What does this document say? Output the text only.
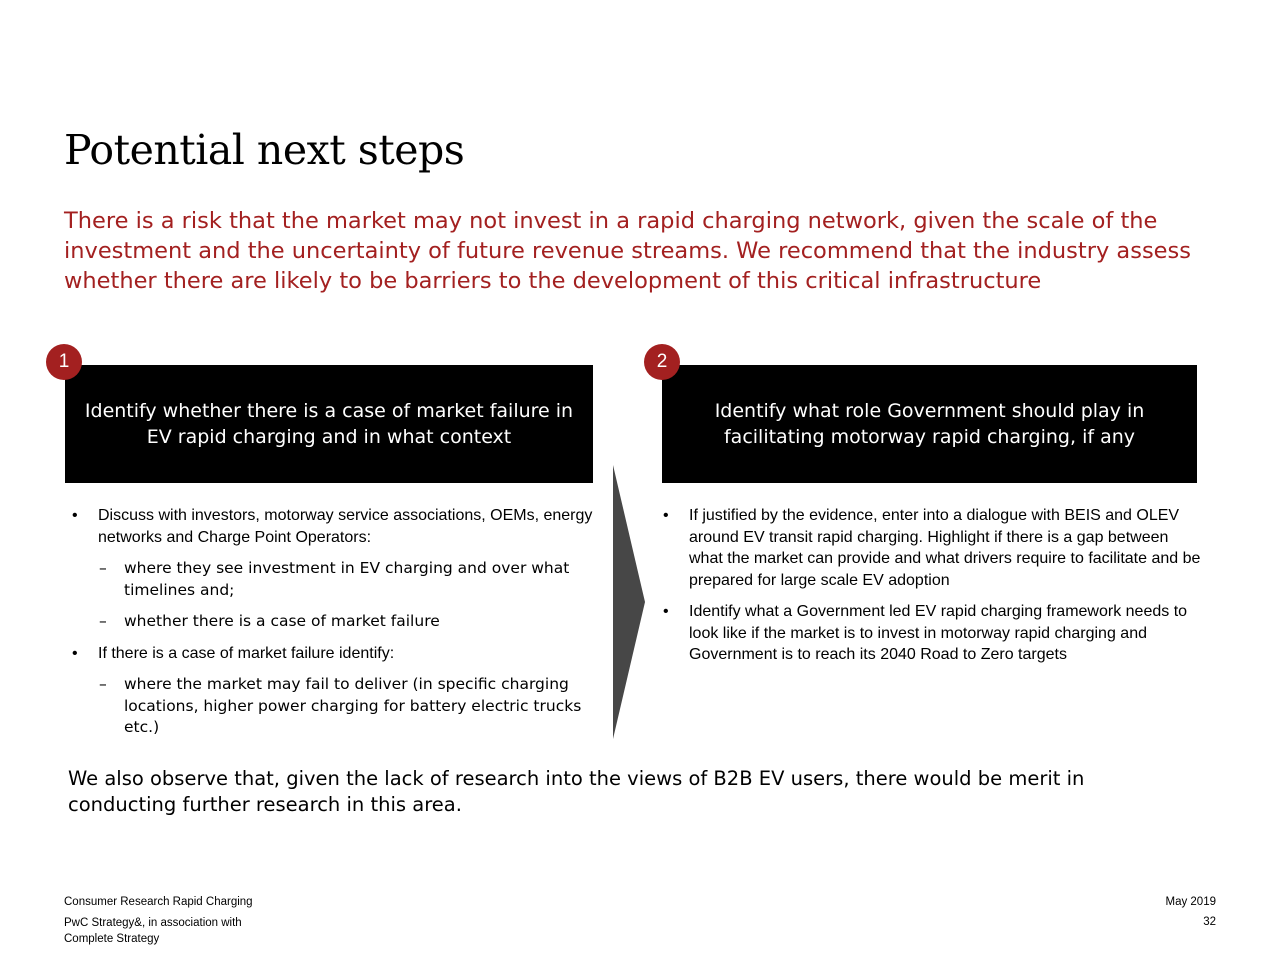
Potential next steps

There is a risk that the market may not invest in a rapid charging network, given the scale of the investment and the uncertainty of future revenue streams. We recommend that the industry assess whether there are likely to be barriers to the development of this critical infrastructure

1
Identify whether there is a case of market failure in EV rapid charging and in what context
• Discuss with investors, motorway service associations, OEMs, energy networks and Charge Point Operators:
– where they see investment in EV charging and over what timelines and;
– whether there is a case of market failure
• If there is a case of market failure identify:
– where the market may fail to deliver (in specific charging locations, higher power charging for battery electric trucks etc.)
2
Identify what role Government should play in facilitating motorway rapid charging, if any
• If justified by the evidence, enter into a dialogue with BEIS and OLEV around EV transit rapid charging. Highlight if there is a gap between what the market can provide and what drivers require to facilitate and be prepared for large scale EV adoption
• Identify what a Government led EV rapid charging framework needs to look like if the market is to invest in motorway rapid charging and Government is to reach its 2040 Road to Zero targets

We also observe that, given the lack of research into the views of B2B EV users, there would be merit in conducting further research in this area.

Consumer Research Rapid Charging
PwC Strategy&, in association with
Complete Strategy
May 2019
32
